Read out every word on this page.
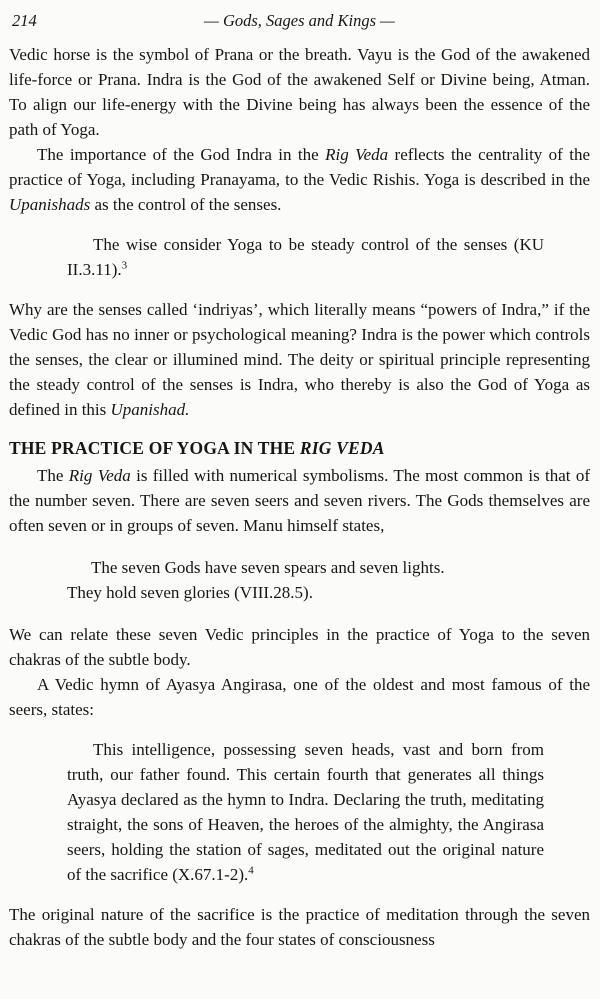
214	— Gods, Sages and Kings —

Vedic horse is the symbol of Prana or the breath. Vayu is the God of the awakened life-force or Prana. Indra is the God of the awakened Self or Divine being, Atman. To align our life-energy with the Divine being has always been the essence of the path of Yoga.

The importance of the God Indra in the Rig Veda reflects the centrality of the practice of Yoga, including Pranayama, to the Vedic Rishis. Yoga is described in the Upanishads as the control of the senses.

The wise consider Yoga to be steady control of the senses (KU II.3.11).$^3$

Why are the senses called ‘indriyas’, which literally means “powers of Indra,” if the Vedic God has no inner or psychological meaning? Indra is the power which controls the senses, the clear or illumined mind. The deity or spiritual principle representing the steady control of the senses is Indra, who thereby is also the God of Yoga as defined in this Upanishad.

THE PRACTICE OF YOGA IN THE RIG VEDA

The Rig Veda is filled with numerical symbolisms. The most common is that of the number seven. There are seven seers and seven rivers. The Gods themselves are often seven or in groups of seven. Manu himself states,

The seven Gods have seven spears and seven lights.
They hold seven glories (VIII.28.5).

We can relate these seven Vedic principles in the practice of Yoga to the seven chakras of the subtle body.

A Vedic hymn of Ayasya Angirasa, one of the oldest and most famous of the seers, states:

This intelligence, possessing seven heads, vast and born from truth, our father found. This certain fourth that generates all things Ayasya declared as the hymn to Indra. Declaring the truth, meditating straight, the sons of Heaven, the heroes of the almighty, the Angirasa seers, holding the station of sages, meditated out the original nature of the sacrifice (X.67.1-2).$^4$

The original nature of the sacrifice is the practice of meditation through the seven chakras of the subtle body and the four states of consciousness
